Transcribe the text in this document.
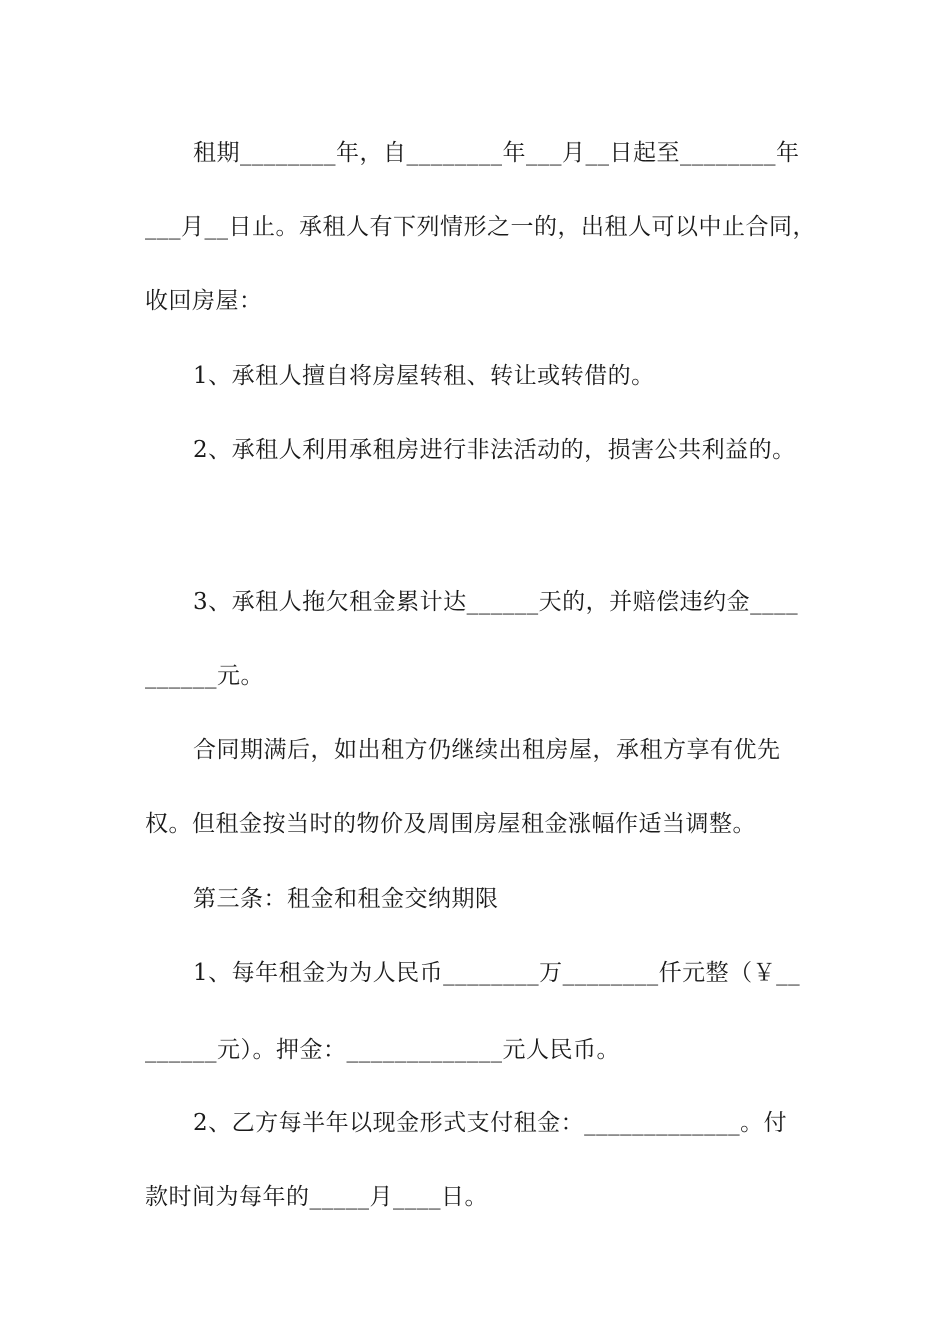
租期________年，自________年___月__日起至________年
___月__日止。承租人有下列情形之一的，出租人可以中止合同，
收回房屋：
1、承租人擅自将房屋转租、转让或转借的。
2、承租人利用承租房进行非法活动的，损害公共利益的。
3、承租人拖欠租金累计达______天的，并赔偿违约金____
______元。
合同期满后，如出租方仍继续出租房屋，承租方享有优先
权。但租金按当时的物价及周围房屋租金涨幅作适当调整。
第三条：租金和租金交纳期限
1、每年租金为为人民币________万________仟元整（￥__
______元）。押金：_____________元人民币。
2、乙方每半年以现金形式支付租金：_____________。付
款时间为每年的_____月____日。
